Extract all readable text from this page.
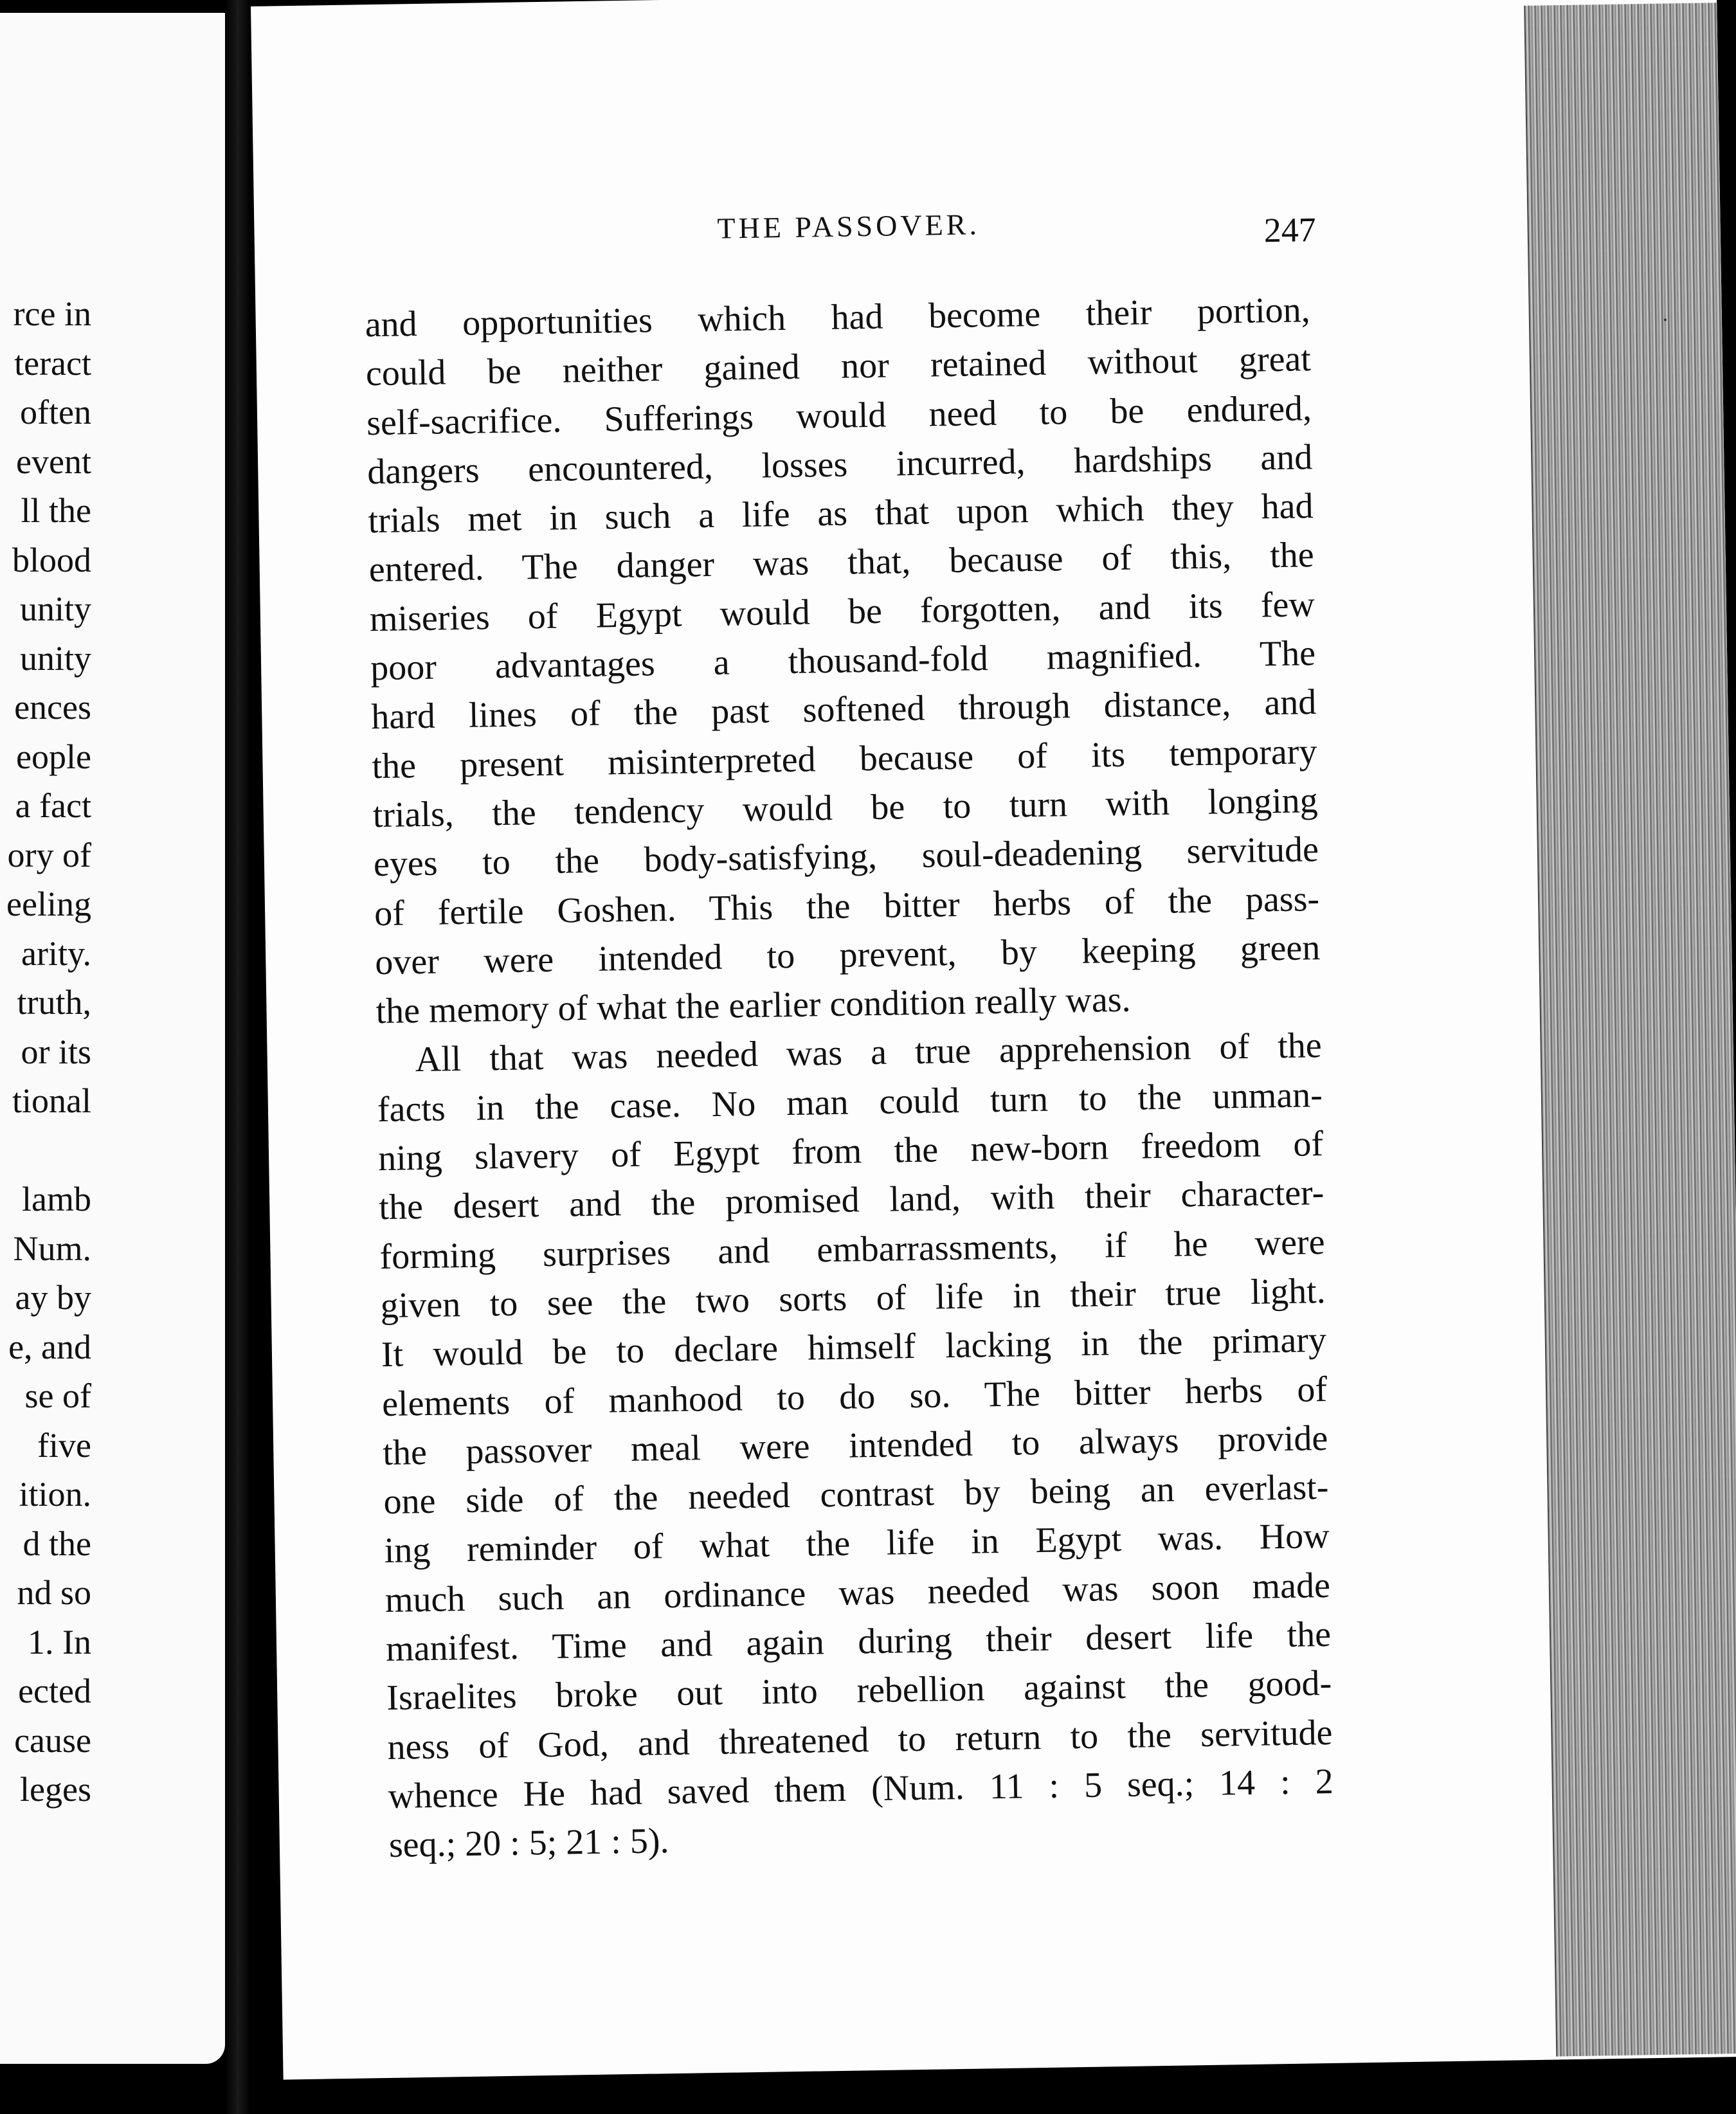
rce in
teract
often
event
ll the
blood
unity
unity
ences
eople
a fact
ory of
eeling
arity.
truth,
or its
tional
lamb
Num.
ay by
e, and
se of
five
ition.
d the
nd so
1. In
ected
cause
leges
THE PASSOVER.	247
and opportunities which had become their portion,
could be neither gained nor retained without great
self-sacrifice. Sufferings would need to be endured,
dangers encountered, losses incurred, hardships and
trials met in such a life as that upon which they had
entered. The danger was that, because of this, the
miseries of Egypt would be forgotten, and its few
poor advantages a thousand-fold magnified. The
hard lines of the past softened through distance, and
the present misinterpreted because of its temporary
trials, the tendency would be to turn with longing
eyes to the body-satisfying, soul-deadening servitude
of fertile Goshen. This the bitter herbs of the pass-
over were intended to prevent, by keeping green
the memory of what the earlier condition really was.
All that was needed was a true apprehension of the
facts in the case. No man could turn to the unman-
ning slavery of Egypt from the new-born freedom of
the desert and the promised land, with their character-
forming surprises and embarrassments, if he were
given to see the two sorts of life in their true light.
It would be to declare himself lacking in the primary
elements of manhood to do so. The bitter herbs of
the passover meal were intended to always provide
one side of the needed contrast by being an everlast-
ing reminder of what the life in Egypt was. How
much such an ordinance was needed was soon made
manifest. Time and again during their desert life the
Israelites broke out into rebellion against the good-
ness of God, and threatened to return to the servitude
whence He had saved them (Num. 11 : 5 seq.; 14 : 2
seq.; 20 : 5; 21 : 5).
